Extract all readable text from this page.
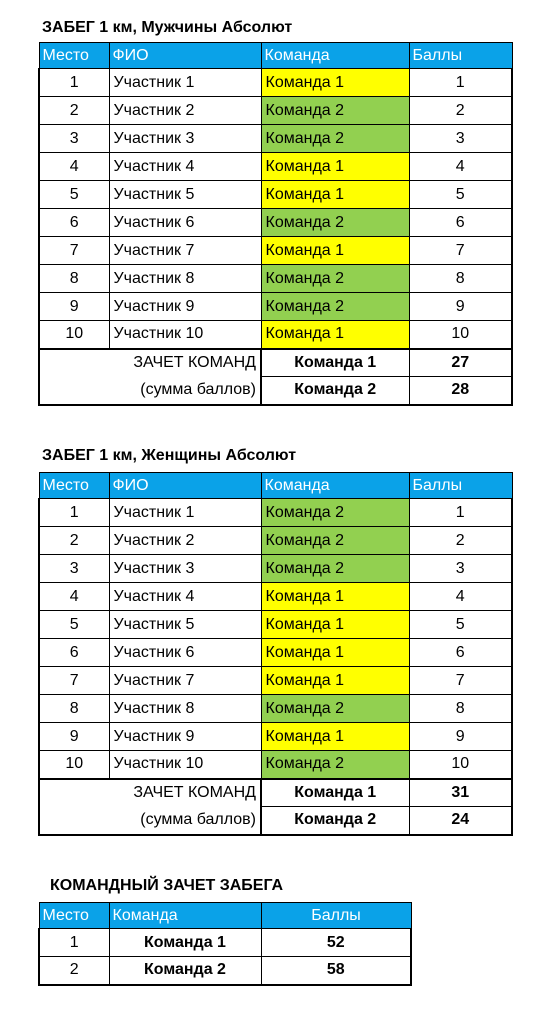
ЗАБЕГ 1 км, Мужчины Абсолют
Место	ФИО	Команда	Баллы
1	Участник 1	Команда 1	1
2	Участник 2	Команда 2	2
3	Участник 3	Команда 2	3
4	Участник 4	Команда 1	4
5	Участник 5	Команда 1	5
6	Участник 6	Команда 2	6
7	Участник 7	Команда 1	7
8	Участник 8	Команда 2	8
9	Участник 9	Команда 2	9
10	Участник 10	Команда 1	10
ЗАЧЕТ КОМАНД		Команда 1	27
(сумма баллов)		Команда 2	28
ЗАБЕГ 1 км, Женщины Абсолют
Место	ФИО	Команда	Баллы
1	Участник 1	Команда 2	1
2	Участник 2	Команда 2	2
3	Участник 3	Команда 2	3
4	Участник 4	Команда 1	4
5	Участник 5	Команда 1	5
6	Участник 6	Команда 1	6
7	Участник 7	Команда 1	7
8	Участник 8	Команда 2	8
9	Участник 9	Команда 1	9
10	Участник 10	Команда 2	10
ЗАЧЕТ КОМАНД		Команда 1	31
(сумма баллов)		Команда 2	24
КОМАНДНЫЙ ЗАЧЕТ ЗАБЕГА
Место	Команда	Баллы
1	Команда 1	52
2	Команда 2	58
